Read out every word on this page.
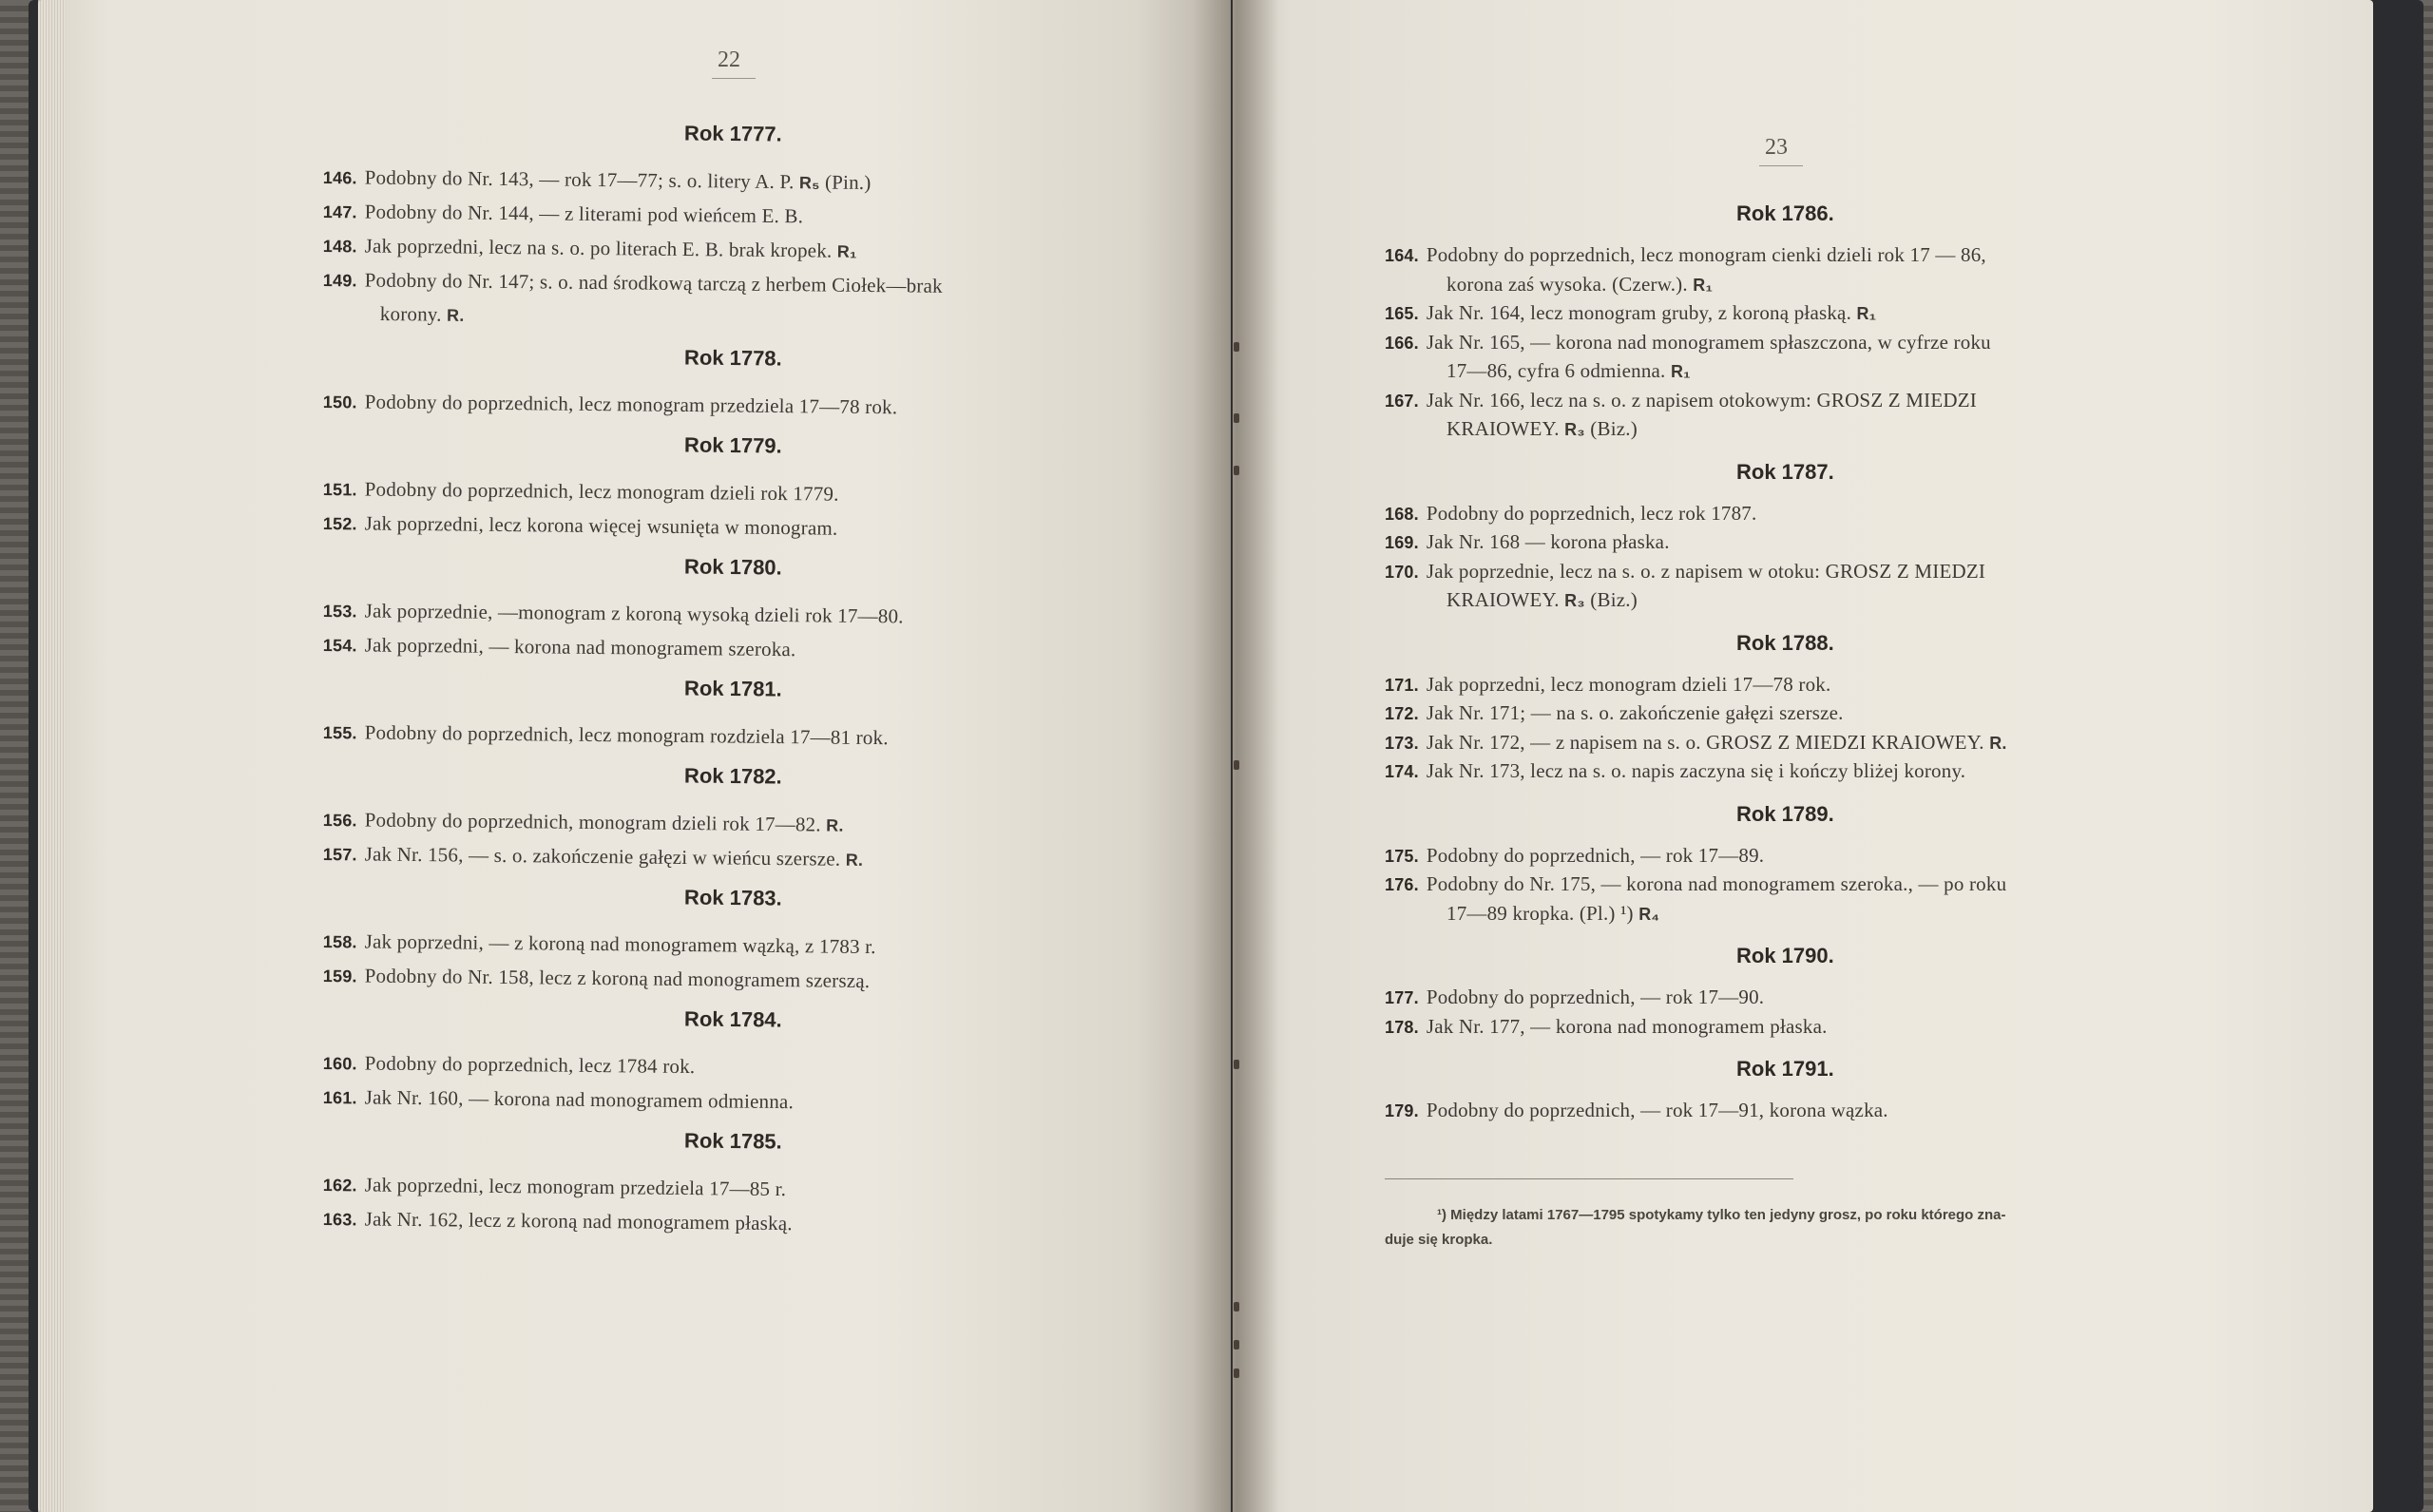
22
Rok 1777.
146. Podobny do Nr. 143, — rok 17—77; s. o. litery A. P. R₅ (Pin.)
147. Podobny do Nr. 144, — z literami pod wieńcem E. B.
148. Jak poprzedni, lecz na s. o. po literach E. B. brak kropek. R₁
149. Podobny do Nr. 147; s. o. nad środkową tarczą z herbem Ciołek—brak
korony. R.
Rok 1778.
150. Podobny do poprzednich, lecz monogram przedziela 17—78 rok.
Rok 1779.
151. Podobny do poprzednich, lecz monogram dzieli rok 1779.
152. Jak poprzedni, lecz korona więcej wsunięta w monogram.
Rok 1780.
153. Jak poprzednie, —monogram z koroną wysoką dzieli rok 17—80.
154. Jak poprzedni, — korona nad monogramem szeroka.
Rok 1781.
155. Podobny do poprzednich, lecz monogram rozdziela 17—81 rok.
Rok 1782.
156. Podobny do poprzednich, monogram dzieli rok 17—82. R.
157. Jak Nr. 156, — s. o. zakończenie gałęzi w wieńcu szersze. R.
Rok 1783.
158. Jak poprzedni, — z koroną nad monogramem wązką, z 1783 r.
159. Podobny do Nr. 158, lecz z koroną nad monogramem szerszą.
Rok 1784.
160. Podobny do poprzednich, lecz 1784 rok.
161. Jak Nr. 160, — korona nad monogramem odmienna.
Rok 1785.
162. Jak poprzedni, lecz monogram przedziela 17—85 r.
163. Jak Nr. 162, lecz z koroną nad monogramem płaską.
23
Rok 1786.
164. Podobny do poprzednich, lecz monogram cienki dzieli rok 17 — 86,
korona zaś wysoka. (Czerw.). R₁
165. Jak Nr. 164, lecz monogram gruby, z koroną płaską. R₁
166. Jak Nr. 165, — korona nad monogramem spłaszczona, w cyfrze roku
17—86, cyfra 6 odmienna. R₁
167. Jak Nr. 166, lecz na s. o. z napisem otokowym: GROSZ Z MIEDZI
KRAIOWEY. R₃ (Biz.)
Rok 1787.
168. Podobny do poprzednich, lecz rok 1787.
169. Jak Nr. 168 — korona płaska.
170. Jak poprzednie, lecz na s. o. z napisem w otoku: GROSZ Z MIEDZI
KRAIOWEY. R₃ (Biz.)
Rok 1788.
171. Jak poprzedni, lecz monogram dzieli 17—78 rok.
172. Jak Nr. 171; — na s. o. zakończenie gałęzi szersze.
173. Jak Nr. 172, — z napisem na s. o. GROSZ Z MIEDZI KRAIOWEY. R.
174. Jak Nr. 173, lecz na s. o. napis zaczyna się i kończy bliżej korony.
Rok 1789.
175. Podobny do poprzednich, — rok 17—89.
176. Podobny do Nr. 175, — korona nad monogramem szeroka., — po roku
17—89 kropka. (Pl.) ¹) R₄
Rok 1790.
177. Podobny do poprzednich, — rok 17—90.
178. Jak Nr. 177, — korona nad monogramem płaska.
Rok 1791.
179. Podobny do poprzednich, — rok 17—91, korona wązka.
¹) Między latami 1767—1795 spotykamy tylko ten jedyny grosz, po roku którego zna-
duje się kropka.
